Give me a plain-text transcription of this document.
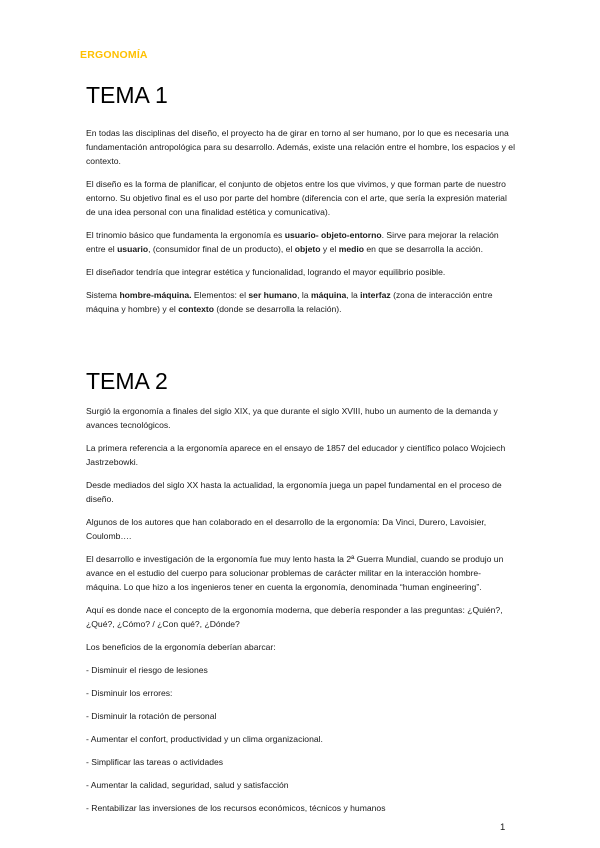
ERGONOMÍA
TEMA 1

En todas las disciplinas del diseño, el proyecto ha de girar en torno al ser humano, por lo que es necesaria una fundamentación antropológica para su desarrollo. Además, existe una relación entre el hombre, los espacios y el contexto.

El diseño es la forma de planificar, el conjunto de objetos entre los que vivimos, y que forman parte de nuestro entorno. Su objetivo final es el uso por parte del hombre (diferencia con el arte, que sería la expresión material de una idea personal con una finalidad estética y comunicativa).

El trinomio básico que fundamenta la ergonomía es usuario- objeto-entorno. Sirve para mejorar la relación entre el usuario, (consumidor final de un producto), el objeto y el medio en que se desarrolla la acción.

El diseñador tendría que integrar estética y funcionalidad, logrando el mayor equilibrio posible.

Sistema hombre-máquina. Elementos: el ser humano, la máquina, la interfaz (zona de interacción entre máquina y hombre) y el contexto (donde se desarrolla la relación).

TEMA 2

Surgió la ergonomía a finales del siglo XIX, ya que durante el siglo XVIII, hubo un aumento de la demanda y avances tecnológicos.

La primera referencia a la ergonomía aparece en el ensayo de 1857 del educador y científico polaco Wojciech Jastrzebowki.

Desde mediados del siglo XX hasta la actualidad, la ergonomía juega un papel fundamental en el proceso de diseño.

Algunos de los autores que han colaborado en el desarrollo de la ergonomía: Da Vinci, Durero, Lavoisier, Coulomb….

El desarrollo e investigación de la ergonomía fue muy lento hasta la 2ª Guerra Mundial, cuando se produjo un avance en el estudio del cuerpo para solucionar problemas de carácter militar en la interacción hombre-máquina. Lo que hizo a los ingenieros tener en cuenta la ergonomía, denominada “human engineering”.

Aquí es donde nace el concepto de la ergonomía moderna, que debería responder a las preguntas: ¿Quién?, ¿Qué?, ¿Cómo? / ¿Con qué?, ¿Dónde?

Los beneficios de la ergonomía deberían abarcar:

- Disminuir el riesgo de lesiones
- Disminuir los errores:
- Disminuir la rotación de personal
- Aumentar el confort, productividad y un clima organizacional.
- Simplificar las tareas o actividades
- Aumentar la calidad, seguridad, salud y satisfacción
- Rentabilizar las inversiones de los recursos económicos, técnicos y humanos
1
